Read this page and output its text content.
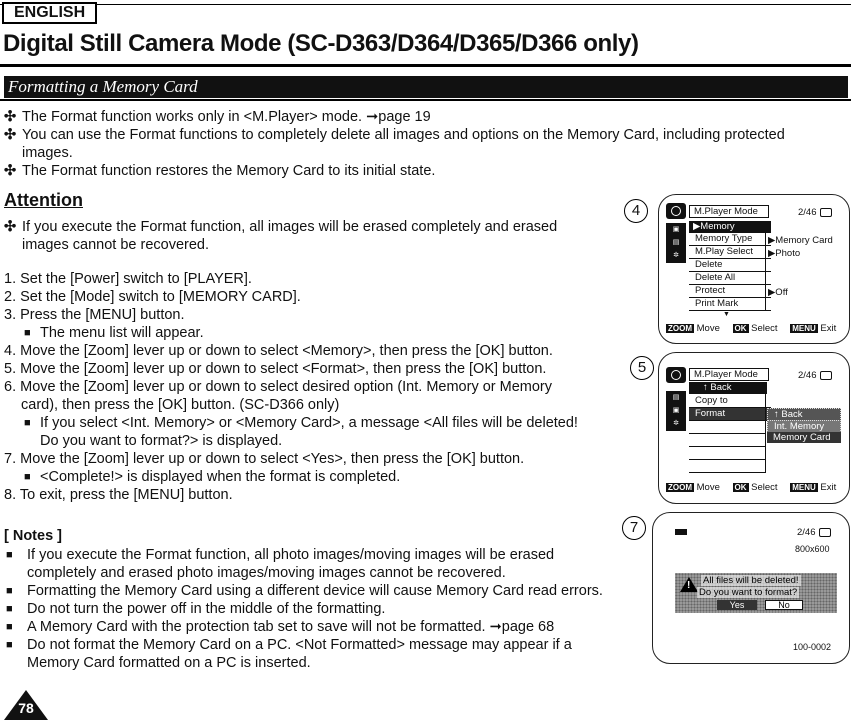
ENGLISH
Digital Still Camera Mode (SC-D363/D364/D365/D366 only)
Formatting a Memory Card
✣ The Format function works only in <M.Player> mode. ➞page 19
✣ You can use the Format functions to completely delete all images and options on the Memory Card, including protected
images.
✣ The Format function restores the Memory Card to its initial state.
Attention
✣ If you execute the Format function, all images will be erased completely and erased
images cannot be recovered.
1. Set the [Power] switch to [PLAYER].
2. Set the [Mode] switch to [MEMORY CARD].
3. Press the [MENU] button.
■ The menu list will appear.
4. Move the [Zoom] lever up or down to select <Memory>, then press the [OK] button.
5. Move the [Zoom] lever up or down to select <Format>, then press the [OK] button.
6. Move the [Zoom] lever up or down to select desired option (Int. Memory or Memory
card), then press the [OK] button. (SC-D366 only)
■ If you select <Int. Memory> or <Memory Card>, a message <All files will be deleted!
Do you want to format?> is displayed.
7. Move the [Zoom] lever up or down to select <Yes>, then press the [OK] button.
■ <Complete!> is displayed when the format is completed.
8. To exit, press the [MENU] button.
[ Notes ]
■ If you execute the Format function, all photo images/moving images will be erased
completely and erased photo images/moving images cannot be recovered.
■ Formatting the Memory Card using a different device will cause Memory Card read errors.
■ Do not turn the power off in the middle of the formatting.
■ A Memory Card with the protection tab set to save will not be formatted. ➞page 68
■ Do not format the Memory Card on a PC. <Not Formatted> message may appear if a
Memory Card formatted on a PC is inserted.
4	M.Player Mode	2/46
▣
▤
✲
▶Memory
Memory Type
M.Play Select
Delete
Delete All
Protect
Print Mark
▶Memory Card
▶Photo
▶Off
▼
ZOOM Move OK Select MENU Exit
5	M.Player Mode	2/46
▤
▣
✲
↑ Back
Copy to
Format	↑ Back
Int. Memory
Memory Card
ZOOM Move OK Select MENU Exit
7	2/46
800x600
! All files will be deleted!
Do you want to format?
Yes	No
100-0002
78
